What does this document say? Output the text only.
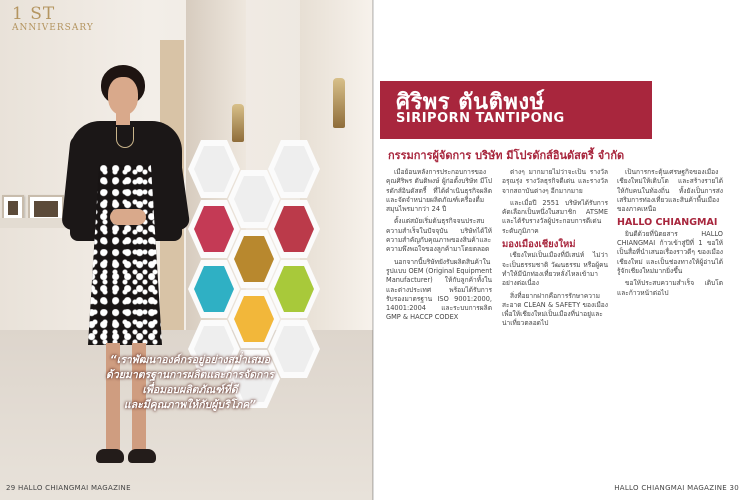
1 ST
ANNIVERSARY
“เราพัฒนาองค์กรอยู่อย่างสม่ำเสมอ
ด้วยมาตรฐานการผลิตและการจัดการ
เพื่อมอบผลิตภัณฑ์ที่ดี
และมีคุณภาพให้กับผู้บริโภค”
29 HALLO CHIANGMAI MAGAZINE
ศิริพร ตันติพงษ์
SIRIPORN TANTIPONG
กรรมการผู้จัดการ บริษัท มีโปรดักส์อินดัสตรี้ จำกัด

เมื่อย้อนหลังการประกอบการของ คุณศิริพร ตันติพงษ์ ผู้ก่อตั้งบริษัท มีโปรดักส์อินดัสตรี้ ที่ได้ดำเนินธุรกิจผลิตและจัดจำหน่ายผลิตภัณฑ์เครื่องดื่มสมุนไพรมากว่า 24 ปี

ตั้งแต่สมัยเริ่มต้นธุรกิจจนประสบความสำเร็จในปัจจุบัน บริษัทได้ให้ความสำคัญกับคุณภาพของสินค้าและความพึงพอใจของลูกค้ามาโดยตลอด

นอกจากนี้บริษัทยังรับผลิตสินค้าในรูปแบบ OEM (Original Equipment Manufacturer) ให้กับลูกค้าทั้งในและต่างประเทศ พร้อมได้รับการรับรองมาตรฐาน ISO 9001:2000, 14001:2004 และระบบการผลิต GMP & HACCP CODEX

ต่างๆ มากมายไม่ว่าจะเป็น รางวัลอรุณรุ่ง รางวัลธุรกิจดีเด่น และรางวัลจากสถาบันต่างๆ อีกมากมาย

และเมื่อปี 2551 บริษัทได้รับการคัดเลือกเป็นหนึ่งในสมาชิก ATSME และได้รับรางวัลผู้ประกอบการดีเด่นระดับภูมิภาค

มองเมืองเชียงใหม่

เชียงใหม่เป็นเมืองที่มีเสน่ห์ ไม่ว่าจะเป็นธรรมชาติ วัฒนธรรม หรือผู้คน ทำให้มีนักท่องเที่ยวหลั่งไหลเข้ามาอย่างต่อเนื่อง

สิ่งที่อยากฝากคือการรักษาความสะอาด CLEAN & SAFETY ของเมือง เพื่อให้เชียงใหม่เป็นเมืองที่น่าอยู่และน่าเที่ยวตลอดไป

เป็นการกระตุ้นเศรษฐกิจของเมืองเชียงใหม่ให้เติบโต และสร้างรายได้ให้กับคนในท้องถิ่น ทั้งยังเป็นการส่งเสริมการท่องเที่ยวและสินค้าพื้นเมืองของภาคเหนือ

HALLO CHIANGMAI

ยินดีด้วยที่นิตยสาร HALLO CHIANGMAI ก้าวเข้าสู่ปีที่ 1 ขอให้เป็นสื่อที่นำเสนอเรื่องราวดีๆ ของเมืองเชียงใหม่ และเป็นช่องทางให้ผู้อ่านได้รู้จักเชียงใหม่มากยิ่งขึ้น

ขอให้ประสบความสำเร็จ เติบโต และก้าวหน้าต่อไป

HALLO CHIANGMAI MAGAZINE 30
